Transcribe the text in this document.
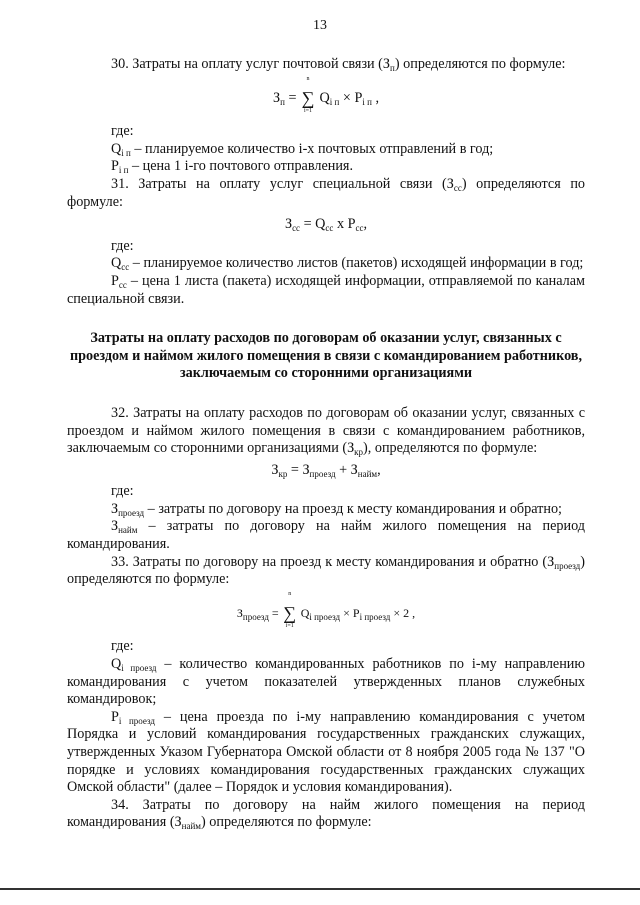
13

30. Затраты на оплату услуг почтовой связи $(З_п)$ определяются по формуле:

$З_п$ =
n
∑
i=1
$Q_{i п} \times P_{i п}$ ,

где:

$Q_{i п}$ – планируемое количество i-х почтовых отправлений в год;

$P_{i п}$ – цена 1 i-го почтового отправления.

31. Затраты на оплату услуг специальной связи $(З_{сс})$ определяются по формуле:

$З_{сс} = Q_{сс}$ x $P_{сс}$,

где:

$Q_{сс}$ – планируемое количество листов (пакетов) исходящей информации в год;

$Р_{сс}$ – цена 1 листа (пакета) исходящей информации, отправляемой по каналам специальной связи.

Затраты на оплату расходов по договорам об оказании услуг, связанных с проездом и наймом жилого помещения в связи с командированием работников, заключаемым со сторонними организациями

32. Затраты на оплату расходов по договорам об оказании услуг, связанных с проездом и наймом жилого помещения в связи с командированием работников, заключаемым со сторонними организациями $(З_{кр})$, определяются по формуле:

$З_{кр} = З_{проезд} + З_{найм}$,

где:

$З_{проезд}$ – затраты по договору на проезд к месту командирования и обратно;

$З_{найм}$ – затраты по договору на найм жилого помещения на период командирования.

33. Затраты по договору на проезд к месту командирования и обратно $(З_{проезд})$ определяются по формуле:

$З_{проезд}$ =
n
∑
i=1
$Q_{i проезд} \times P_{i проезд} \times 2$ ,

где:

$Q_{i проезд}$ – количество командированных работников по i-му направлению командирования с учетом показателей утвержденных планов служебных командировок;

$P_{i проезд}$ – цена проезда по i-му направлению командирования с учетом Порядка и условий командирования государственных гражданских служащих, утвержденных Указом Губернатора Омской области от 8 ноября 2005 года № 137 "О порядке и условиях командирования государственных гражданских служащих Омской области" (далее – Порядок и условия командирования).

34. Затраты по договору на найм жилого помещения на период командирования $(З_{найм})$ определяются по формуле:
